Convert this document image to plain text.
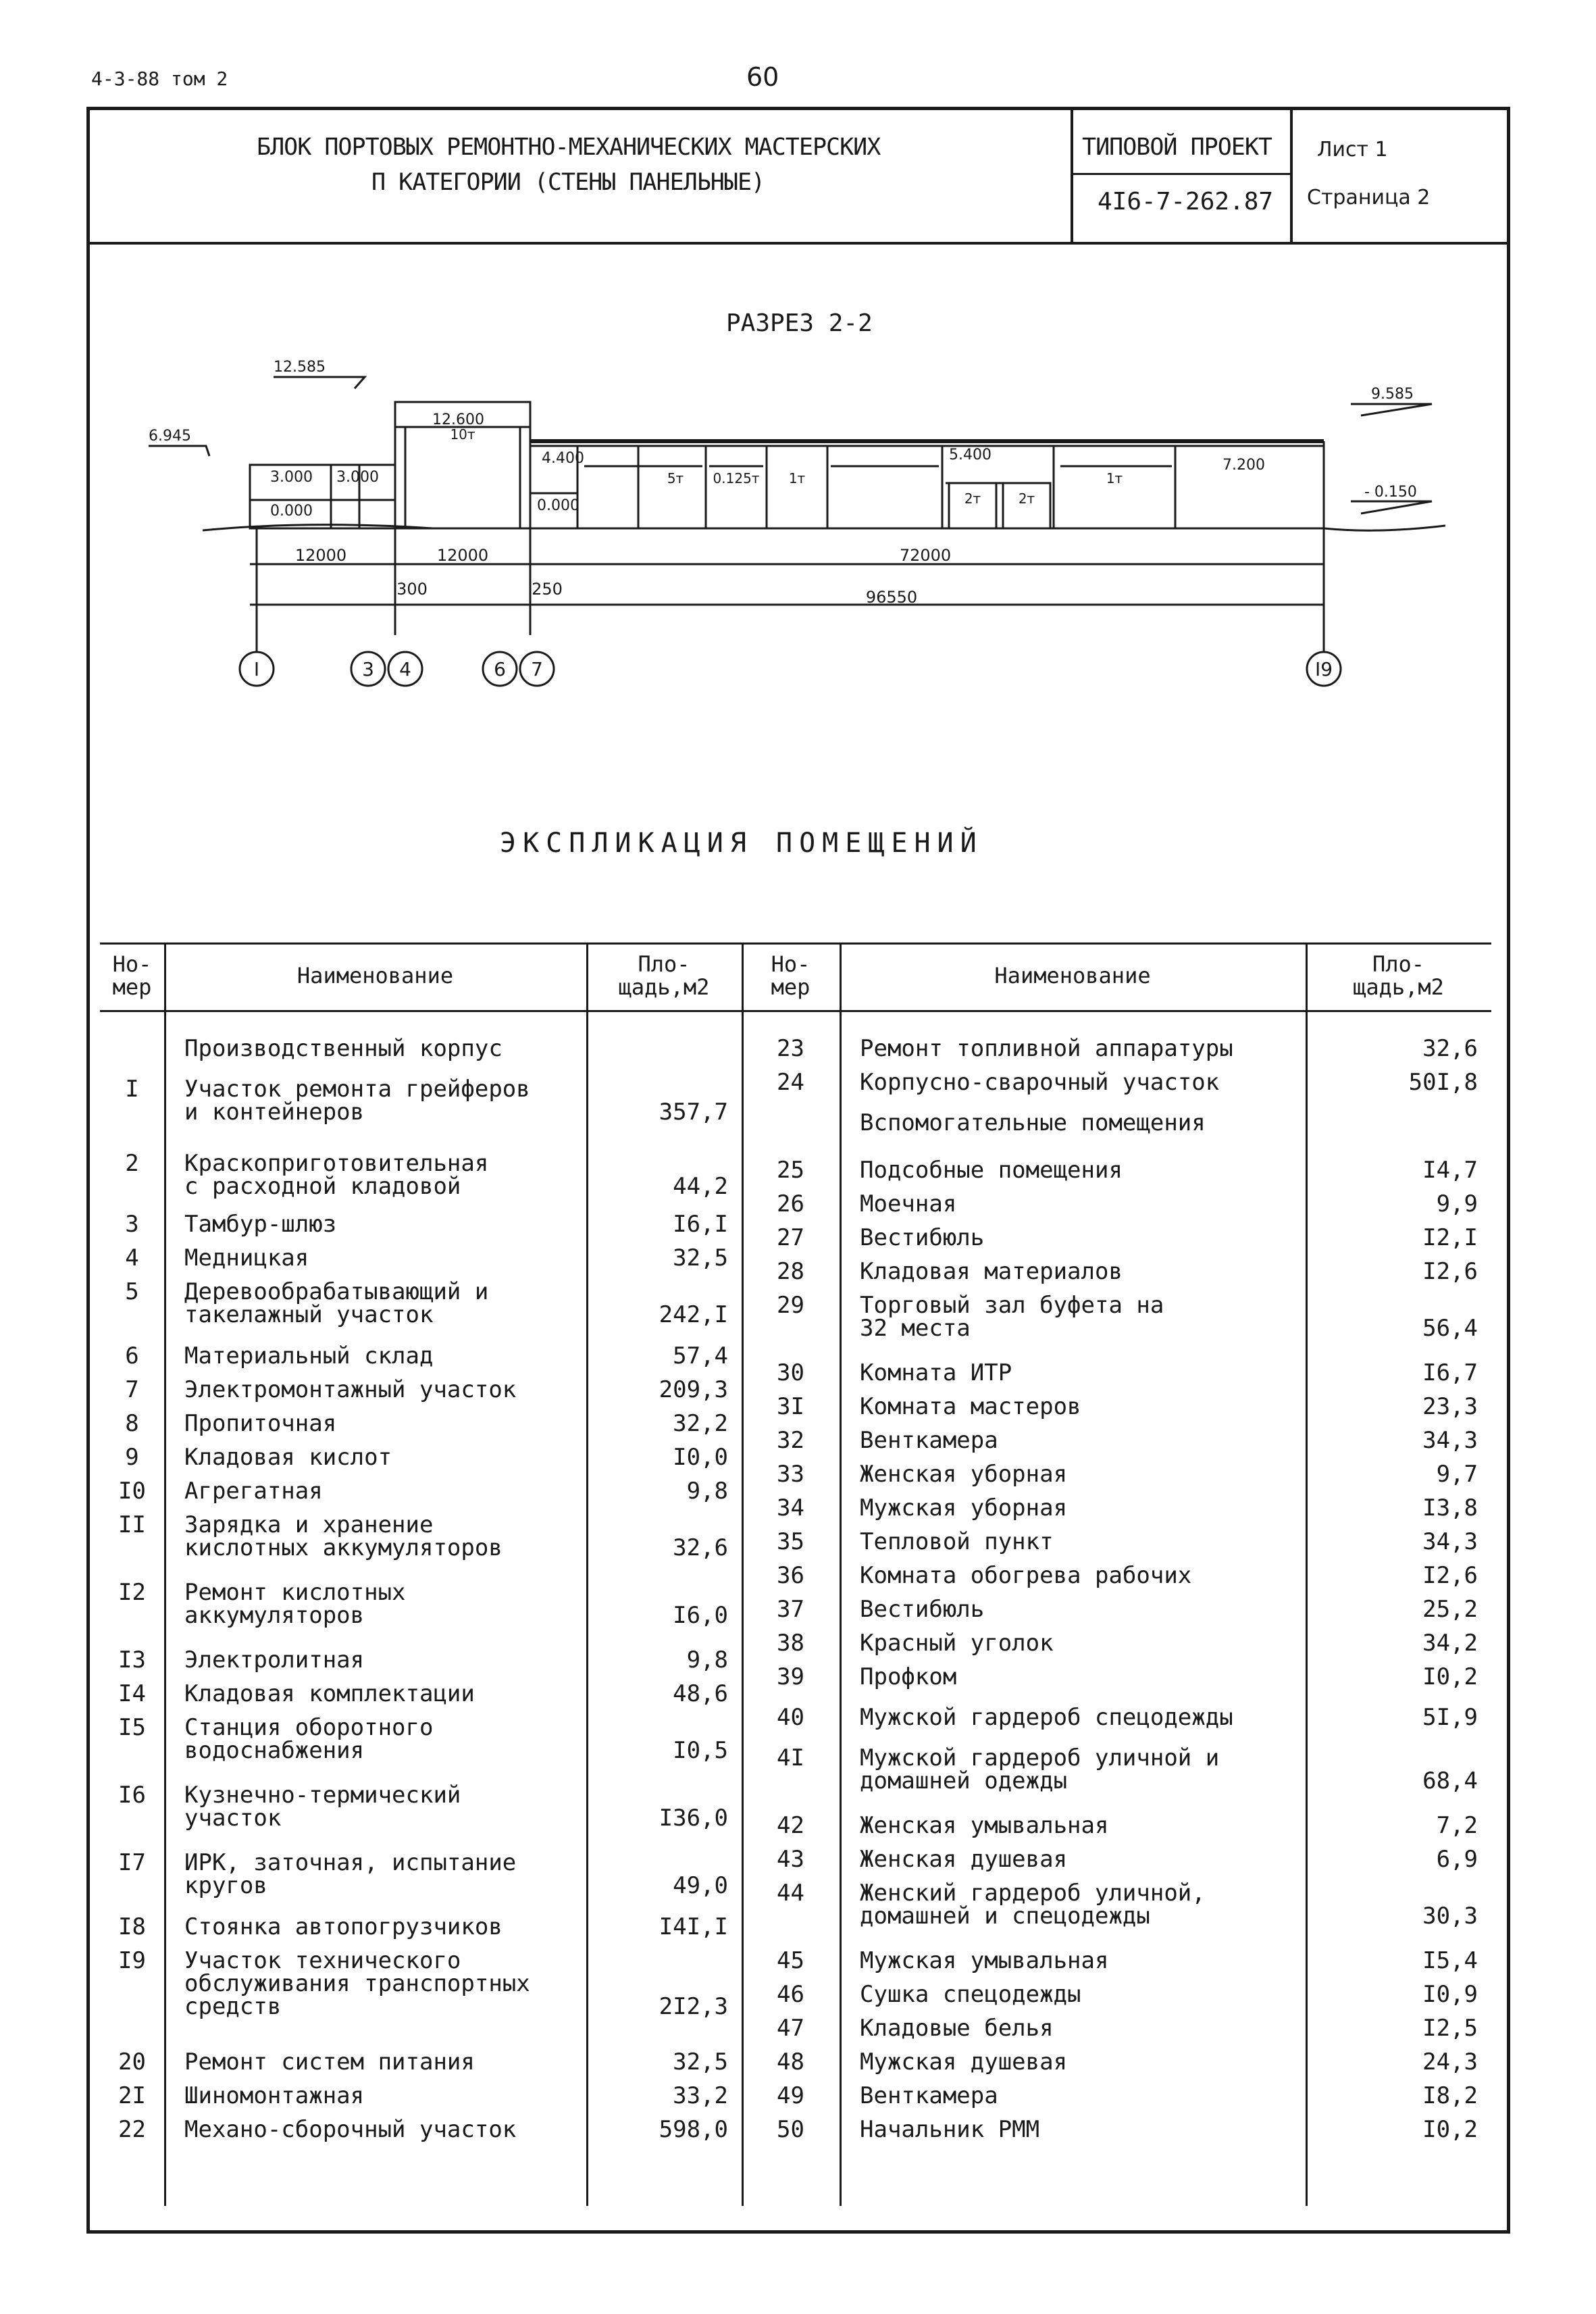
4-3-88 том 2	60
БЛОК ПОРТОВЫХ РЕМОНТНО-МЕХАНИЧЕСКИХ МАСТЕРСКИХ
П КАТЕГОРИИ (СТЕНЫ ПАНЕЛЬНЫЕ)
ТИПОВОЙ ПРОЕКТ
4I6-7-262.87
Лист 1
Страница 2
РАЗРЕЗ 2-2
I	3 4	6 7	I9
12.585
6.945
9.585
- 0.150
12.600
4.400	5.400
7.200
3.000 3.000
0.000	0.000
10т
5т 0.125т 1т
2т	2т
1т
12000	12000	72000
300	250	96550
ЭКСПЛИКАЦИЯ ПОМЕЩЕНИЙ
Но-
мер	Наименование	Пло-
щадь,м2
Но-
мер	Наименование	Пло-
щадь,м2
Производственный корпус
I	Участок ремонта грейферов
и контейнеров	357,7
2	Краскоприготовительная
с расходной кладовой	44,2
3	Тамбур-шлюз	I6,I
4	Медницкая	32,5
5	Деревообрабатывающий и
такелажный участок	242,I
6	Материальный склад	57,4
7	Электромонтажный участок	209,3
8	Пропиточная	32,2
9	Кладовая кислот	I0,0
I0	Агрегатная	9,8
II	Зарядка и хранение
кислотных аккумуляторов	32,6
I2	Ремонт кислотных
аккумуляторов	I6,0
I3	Электролитная	9,8
I4	Кладовая комплектации	48,6
I5	Станция оборотного
водоснабжения	I0,5
I6	Кузнечно-термический
участок	I36,0
I7	ИРК, заточная, испытание
кругов	49,0
I8	Стоянка автопогрузчиков	I4I,I
I9	Участок технического
обслуживания транспортных
средств	2I2,3
20	Ремонт систем питания	32,5
2I	Шиномонтажная	33,2
22	Механо-сборочный участок	598,0
23	Ремонт топливной аппаратуры	32,6
24	Корпусно-сварочный участок	50I,8
Вспомогательные помещения
25	Подсобные помещения	I4,7
26	Моечная	9,9
27	Вестибюль	I2,I
28	Кладовая материалов	I2,6
29	Торговый зал буфета на
32 места	56,4
30	Комната ИТР	I6,7
3I	Комната мастеров	23,3
32	Венткамера	34,3
33	Женская уборная	9,7
34	Мужская уборная	I3,8
35	Тепловой пункт	34,3
36	Комната обогрева рабочих	I2,6
37	Вестибюль	25,2
38	Красный уголок	34,2
39	Профком	I0,2
40	Мужской гардероб спецодежды	5I,9
4I	Мужской гардероб уличной и
домашней одежды	68,4
42	Женская умывальная	7,2
43	Женская душевая	6,9
44	Женский гардероб уличной,
домашней и спецодежды	30,3
45	Мужская умывальная	I5,4
46	Сушка спецодежды	I0,9
47	Кладовые белья	I2,5
48	Мужская душевая	24,3
49	Венткамера	I8,2
50	Начальник РММ	I0,2
